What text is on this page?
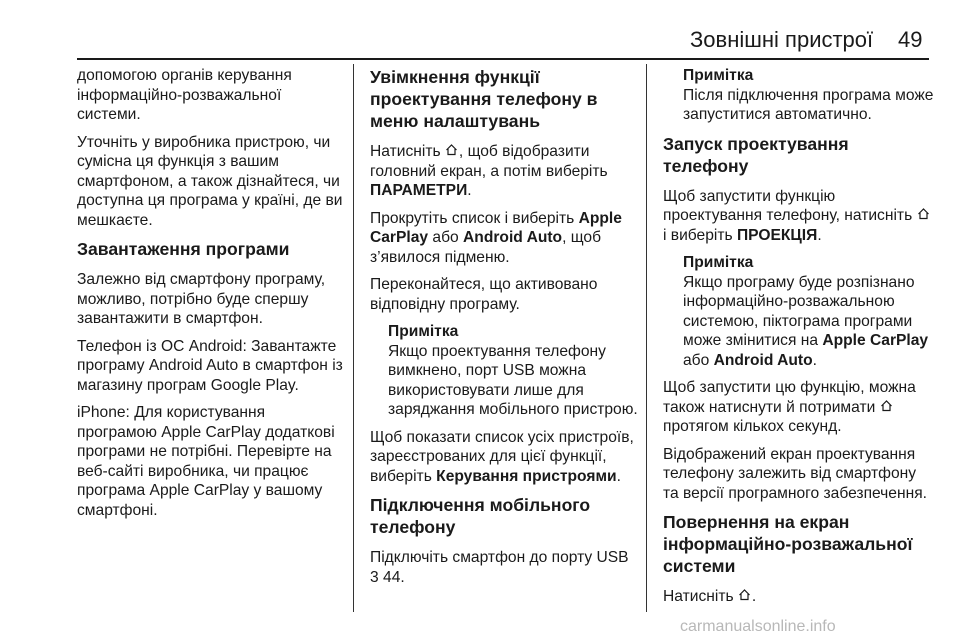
Зовнішні пристрої 49

допомогою органів керування інформаційно-розважальної системи.

Уточніть у виробника пристрою, чи сумісна ця функція з вашим смартфоном, а також дізнайтеся, чи доступна ця програма у країні, де ви мешкаєте.

Завантаження програми

Залежно від смартфону програму, можливо, потрібно буде спершу завантажити в смартфон.

Телефон із ОС Android: Завантажте програму Android Auto в смартфон із магазину програм Google Play.

iPhone: Для користування програмою Apple CarPlay додаткові програми не потрібні. Перевірте на веб-сайті виробника, чи працює програма Apple CarPlay у вашому смартфоні.

Увімкнення функції проектування телефону в меню налаштувань

Натисніть , щоб відобразити головний екран, а потім виберіть ПАРАМЕТРИ.

Прокрутіть список і виберіть Apple CarPlay або Android Auto, щоб з’явилося підменю.

Переконайтеся, що активовано відповідну програму.

Примітка

Якщо проектування телефону вимкнено, порт USB можна використовувати лише для заряджання мобільного пристрою.

Щоб показати список усіх пристроїв, зареєстрованих для цієї функції, виберіть Керування пристроями.

Підключення мобільного телефону

Підключіть смартфон до порту USB 3 44.

Примітка

Після підключення програма може запуститися автоматично.

Запуск проектування телефону

Щоб запустити функцію проектування телефону, натисніть  і виберіть ПРОЕКЦІЯ.

Примітка

Якщо програму буде розпізнано інформаційно-розважальною системою, піктограма програми може змінитися на Apple CarPlay або Android Auto.

Щоб запустити цю функцію, можна також натиснути й потримати  протягом кількох секунд.

Відображений екран проектування телефону залежить від смартфону та версії програмного забезпечення.

Повернення на екран інформаційно-розважальної системи

Натисніть .

carmanualsonline.info
